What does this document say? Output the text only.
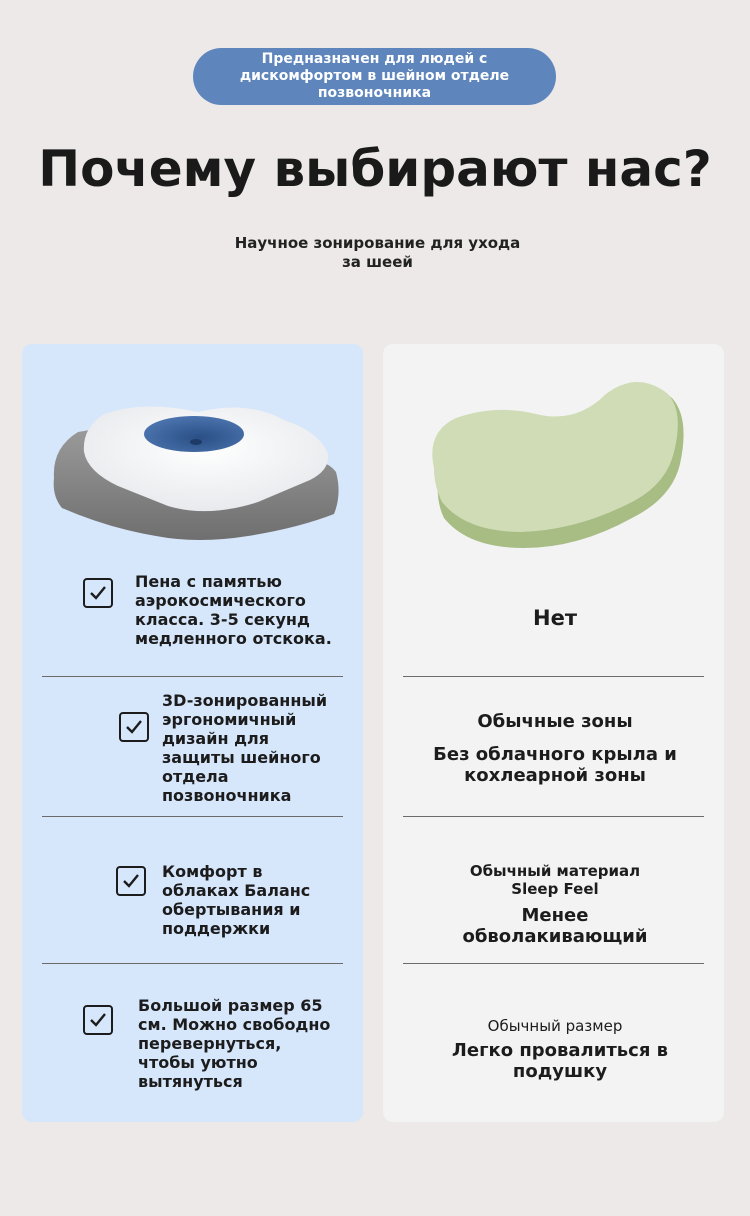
Предназначен для людей с дискомфортом в шейном отделе позвоночника
Почему выбирают нас?
Научное зонирование для ухода за шеей
Пена с памятью аэрокосмического класса. 3-5 секунд медленного отскока.
Нет
3D-зонированный эргономичный дизайн для защиты шейного отдела позвоночника
Обычные зоны
Без облачного крыла и кохлеарной зоны
Комфорт в облаках Баланс обертывания и поддержки
Обычный материал
Sleep Feel
Менее обволакивающий
Большой размер 65 см. Можно свободно перевернуться, чтобы уютно вытянуться
Обычный размер
Легко провалиться в подушку
